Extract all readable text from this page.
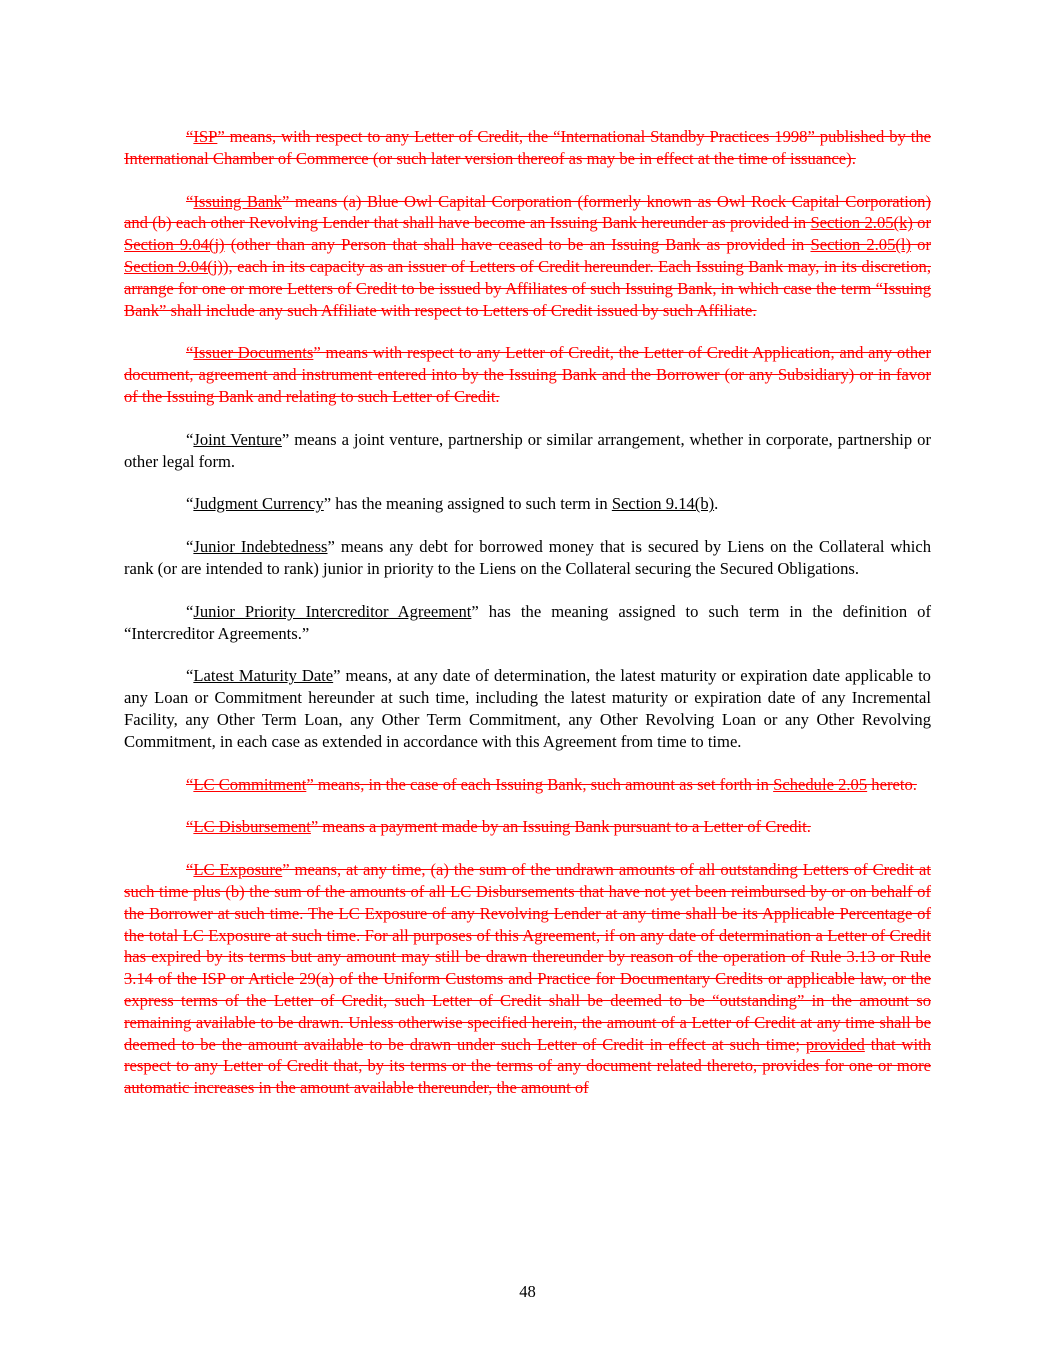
“ISP” means, with respect to any Letter of Credit, the “International Standby Practices 1998” published by the International Chamber of Commerce (or such later version thereof as may be in effect at the time of issuance).

“Issuing Bank” means (a) Blue Owl Capital Corporation (formerly known as Owl Rock Capital Corporation) and (b) each other Revolving Lender that shall have become an Issuing Bank hereunder as provided in Section 2.05(k) or Section 9.04(j) (other than any Person that shall have ceased to be an Issuing Bank as provided in Section 2.05(l) or Section 9.04(j)), each in its capacity as an issuer of Letters of Credit hereunder. Each Issuing Bank may, in its discretion, arrange for one or more Letters of Credit to be issued by Affiliates of such Issuing Bank, in which case the term “Issuing Bank” shall include any such Affiliate with respect to Letters of Credit issued by such Affiliate.

“Issuer Documents” means with respect to any Letter of Credit, the Letter of Credit Application, and any other document, agreement and instrument entered into by the Issuing Bank and the Borrower (or any Subsidiary) or in favor of the Issuing Bank and relating to such Letter of Credit.

“Joint Venture” means a joint venture, partnership or similar arrangement, whether in corporate, partnership or other legal form.

“Judgment Currency” has the meaning assigned to such term in Section 9.14(b).

“Junior Indebtedness” means any debt for borrowed money that is secured by Liens on the Collateral which rank (or are intended to rank) junior in priority to the Liens on the Collateral securing the Secured Obligations.

“Junior Priority Intercreditor Agreement” has the meaning assigned to such term in the definition of “Intercreditor Agreements.”

“Latest Maturity Date” means, at any date of determination, the latest maturity or expiration date applicable to any Loan or Commitment hereunder at such time, including the latest maturity or expiration date of any Incremental Facility, any Other Term Loan, any Other Term Commitment, any Other Revolving Loan or any Other Revolving Commitment, in each case as extended in accordance with this Agreement from time to time.

“LC Commitment” means, in the case of each Issuing Bank, such amount as set forth in Schedule 2.05 hereto.

“LC Disbursement” means a payment made by an Issuing Bank pursuant to a Letter of Credit.

“LC Exposure” means, at any time, (a) the sum of the undrawn amounts of all outstanding Letters of Credit at such time plus (b) the sum of the amounts of all LC Disbursements that have not yet been reimbursed by or on behalf of the Borrower at such time. The LC Exposure of any Revolving Lender at any time shall be its Applicable Percentage of the total LC Exposure at such time. For all purposes of this Agreement, if on any date of determination a Letter of Credit has expired by its terms but any amount may still be drawn thereunder by reason of the operation of Rule 3.13 or Rule 3.14 of the ISP or Article 29(a) of the Uniform Customs and Practice for Documentary Credits or applicable law, or the express terms of the Letter of Credit, such Letter of Credit shall be deemed to be “outstanding” in the amount so remaining available to be drawn. Unless otherwise specified herein, the amount of a Letter of Credit at any time shall be deemed to be the amount available to be drawn under such Letter of Credit in effect at such time; provided that with respect to any Letter of Credit that, by its terms or the terms of any document related thereto, provides for one or more automatic increases in the amount available thereunder, the amount of

48
